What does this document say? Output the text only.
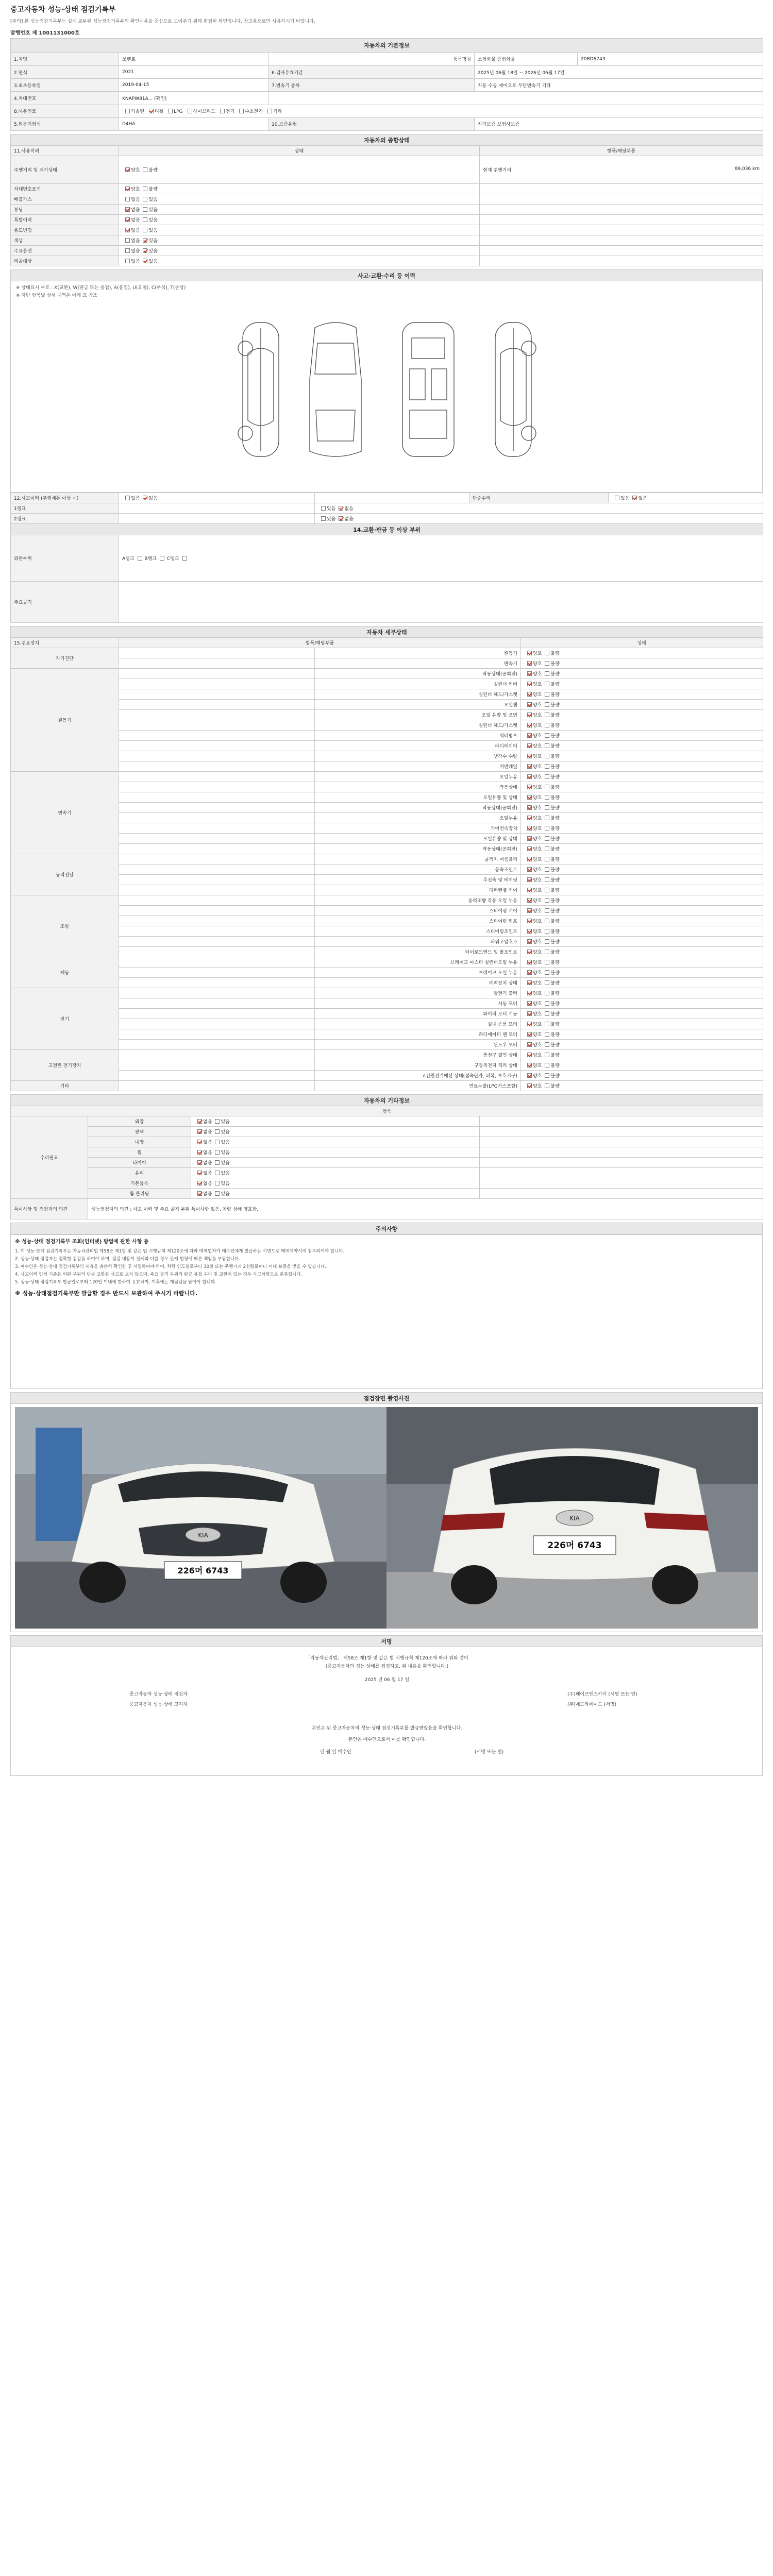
중고자동차 성능·상태 점검기록부
[주의] 본 성능점검기록부는 실제 교부된 성능점검기록부의 확인내용을 중심으로 보여주기 위해 편집된 화면입니다. 참고용으로만 사용하시기 바랍니다.
발행번호 제 1001131000호
자동차의 기본정보				
1.차명	쏘렌토	품목명칭	소형화물 중형화물	20BD6743
2.연식	2021	6.검사유효기간	2025년 06월 18일 ~ 2026년 06월 17일	
3.최초등록일	2019-04-15	7.변속기 종류	자동 수동 세미오토 무단변속기 기타	
4.차대번호	KNAPW81A... (확인)			
8.사용연료	가솔린 디젤 LPG 하이브리드 전기 수소전기 기타			
5.원동기형식	D4HA	10.보증유형	자가보증 보험사보증	
자동차의 종합상태		
11.사용이력	상태	항목/해당부품
주행거리 및 계기상태	양호 불량	현재 주행거리 89,036 km

차대번호표기	양호 불량	
배출가스	없음 있음	
튜닝	없음 있음	
특별이력	없음 있음	
용도변경	없음 있음	
색상	없음 있음	
주요옵션	없음 있음	
리콜대상	없음 있음	
사고·교환·수리 등 이력

※ 상태표시 부호 : X(교환), W(판금 또는 용접), A(흠집), U(요철), C(부식), T(손상)
※ 하단 항목별 상세 내역은 아래 표 참조
12.사고이력 (주행계통 이상 시)	있음 없음		단순수리	있음 없음
1랭크		있음 없음		
2랭크		있음 없음		
14.교환·판금 등 이상 부위				
외판부위	A랭크 B랭크 C랭크			
주요골격				
자동차 세부상태			
15.주요장치	항목/해당부품		상태
자기진단		원동기	양호 불량
		변속기	양호 불량
원동기		작동상태(공회전)	양호 불량
		실린더 커버	양호 불량
		실린더 헤드/가스켓	양호 불량
		오일팬	양호 불량
		오일 유량 및 오염	양호 불량
		실린더 헤드/가스켓	양호 불량
		워터펌프	양호 불량
		라디에이터	양호 불량
		냉각수 수량	양호 불량
		커먼레일	양호 불량
변속기		오일누유	양호 불량
		작동상태	양호 불량
		오일유량 및 상태	양호 불량
		작동상태(공회전)	양호 불량
		오일누유	양호 불량
		기어변속장치	양호 불량
		오일유량 및 상태	양호 불량
		작동상태(공회전)	양호 불량
동력전달		클러치 어셈블리	양호 불량
		등속조인트	양호 불량
		추진축 및 베어링	양호 불량
		디퍼렌셜 기어	양호 불량
조향		동력조향 작동 오일 누유	양호 불량
		스티어링 기어	양호 불량
		스티어링 펌프	양호 불량
		스티어링조인트	양호 불량
		파워고압호스	양호 불량
		타이로드엔드 및 볼조인트	양호 불량
제동		브레이크 마스터 실린더오일 누유	양호 불량
		브레이크 오일 누유	양호 불량
		배력장치 상태	양호 불량
전기		발전기 출력	양호 불량
		시동 모터	양호 불량
		와이퍼 모터 기능	양호 불량
		실내 송풍 모터	양호 불량
		라디에이터 팬 모터	양호 불량
		윈도우 모터	양호 불량
고전원 전기장치		충전구 절연 상태	양호 불량
		구동축전지 격리 상태	양호 불량
		고전원전기배선 상태(접속단자, 피복, 보호기구)	양호 불량
기타		연료누출(LPG가스포함)	양호 불량
자동차의 기타정보			
항목			
수리필요	외장	없음 있음	
	광택	없음 있음	
	내장	없음 있음	
	휠	없음 있음	
	타이어	없음 있음	
	유리	없음 있음	
	기본품목	없음 있음	
	룸 클리닝	없음 있음	
특이사항 및 점검자의 의견	성능점검자의 의견 : 사고 이력 및 주요 골격 부위 특이사항 없음, 차량 상태 양호함.		
주의사항
※ 성능·상태 점검기록부 조회(인터넷) 방법에 관한 사항 등
1. 이 성능·상태 점검기록부는 자동차관리법 제58조 제1항 및 같은 법 시행규칙 제120조에 따라 매매업자가 매수인에게 발급하는 서면으로 매매계약서에 첨부되어야 합니다.
2. 성능·상태 점검자는 정확한 점검을 하여야 하며, 점검 내용이 실제와 다를 경우 관계 법령에 따른 책임을 부담합니다.
3. 매수인은 성능·상태 점검기록부의 내용을 충분히 확인한 후 서명하여야 하며, 차량 인도일로부터 30일 또는 주행거리 2천킬로미터 이내 보증을 받을 수 있습니다.
4. 사고이력 인정 기준은 외판 부위의 단순 교환은 사고로 보지 않으며, 주요 골격 부위의 판금·용접 수리 및 교환이 있는 경우 사고차량으로 분류합니다.
5. 성능·상태 점검기록부 발급일로부터 120일 이내에 한하여 유효하며, 이후에는 재점검을 받아야 합니다.
※ 성능·상태점검기록부만 발급할 경우 반드시 보관하여 주시기 바랍니다.
점검장면 촬영사진
KIA
226머 6743
KIA
226머 6743
서명
「자동차관리법」 제58조 제1항 및 같은 법 시행규칙 제120조에 따라 위와 같이
(중고자동차의 성능·상태를 점검하고, 위 내용을 확인합니다.)
2025 년 06 월 17 일
중고자동차 성능·상태 점검자	(주)페이즈엔스카이 (서명 또는 인)
중고자동차 성능·상태 고지자	(주)예드라메이드 (서명)
본인은 위 중고자동차의 성능·상태 점검기록부를 발급받았음을 확인합니다.
본인은 매수인으로서 이를 확인합니다.
년 월 일 매수인	(서명 또는 인)
